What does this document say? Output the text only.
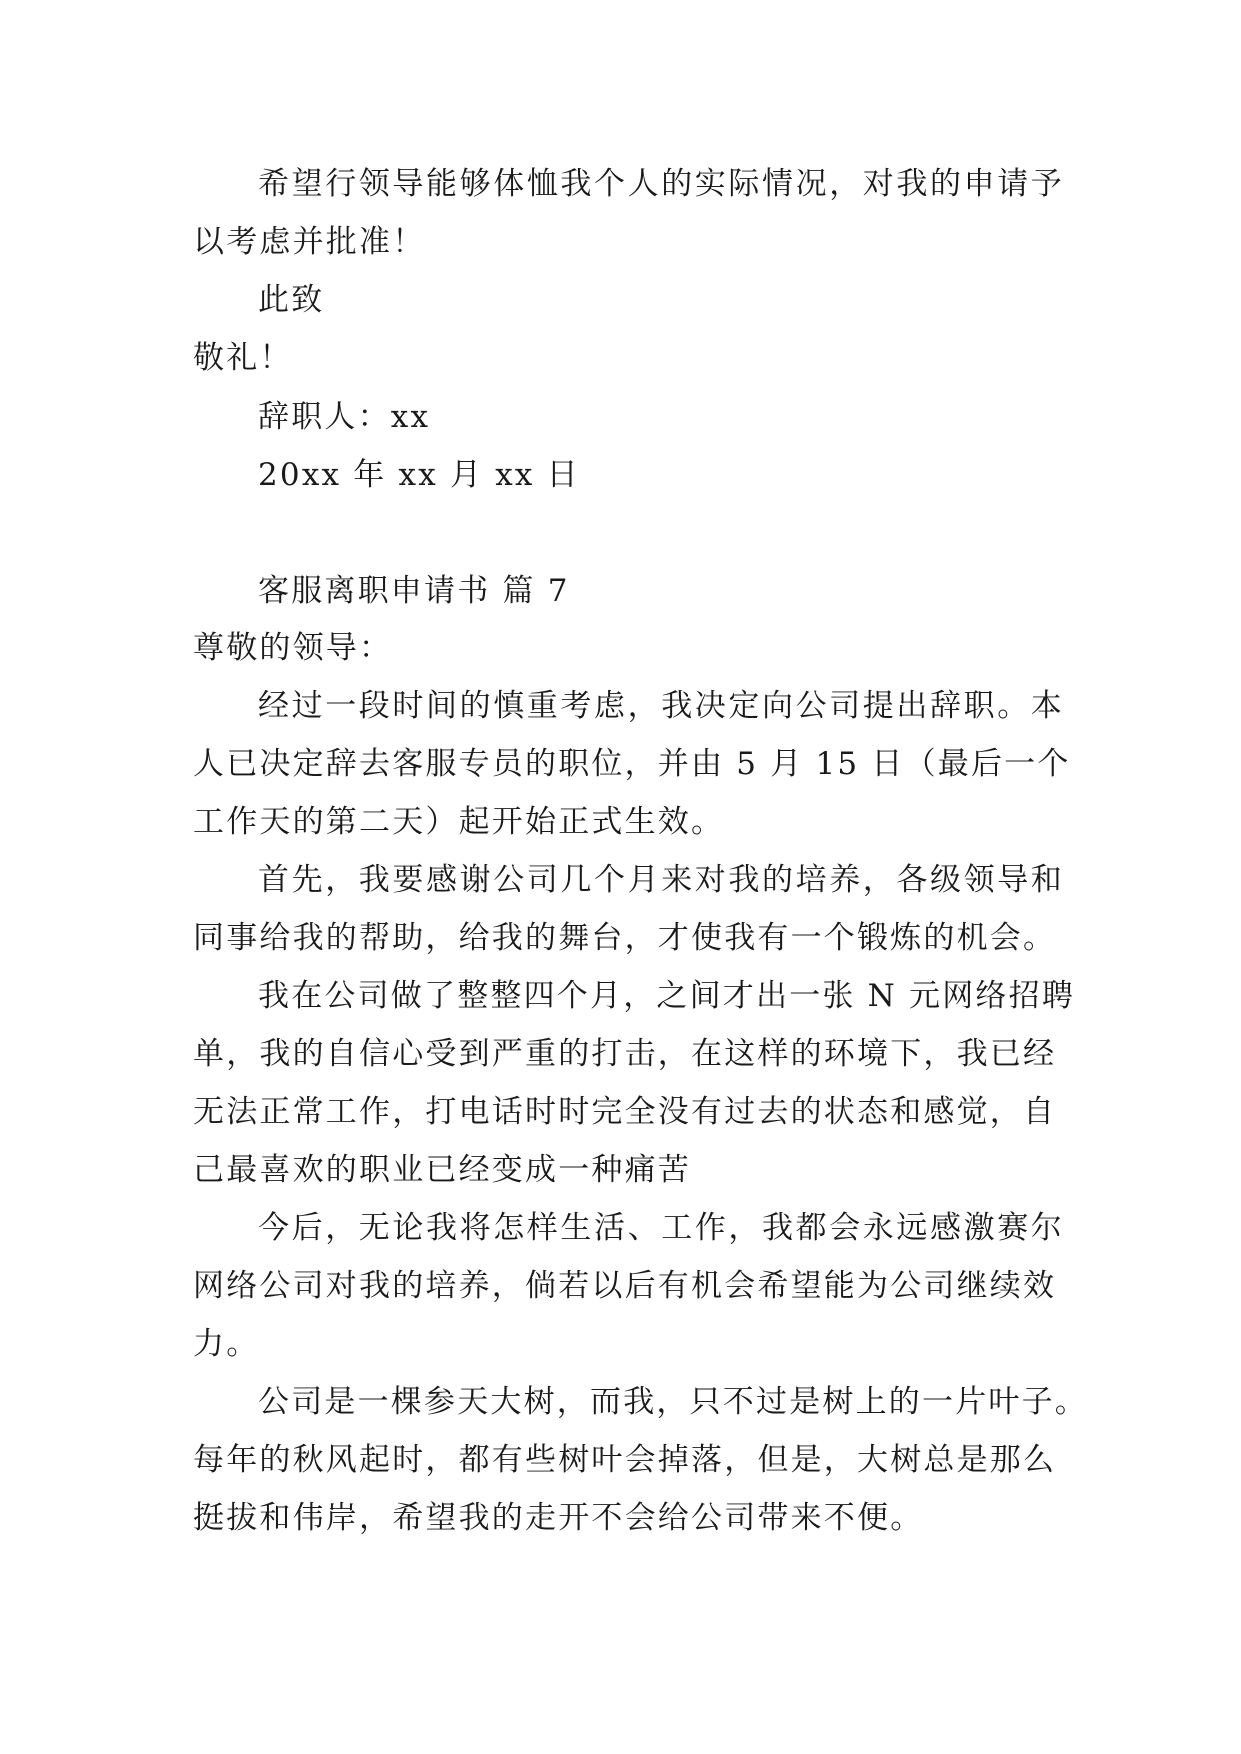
希望行领导能够体恤我个人的实际情况，对我的申请予
以考虑并批准！
此致
敬礼！
辞职人：xx
20xx 年 xx 月 xx 日
客服离职申请书 篇 7
尊敬的领导：
经过一段时间的慎重考虑，我决定向公司提出辞职。本
人已决定辞去客服专员的职位，并由 5 月 15 日（最后一个
工作天的第二天）起开始正式生效。
首先，我要感谢公司几个月来对我的培养，各级领导和
同事给我的帮助，给我的舞台，才使我有一个锻炼的机会。
我在公司做了整整四个月，之间才出一张 N 元网络招聘
单，我的自信心受到严重的打击，在这样的环境下，我已经
无法正常工作，打电话时时完全没有过去的状态和感觉，自
己最喜欢的职业已经变成一种痛苦
今后，无论我将怎样生活、工作，我都会永远感激赛尔
网络公司对我的培养，倘若以后有机会希望能为公司继续效
力。
公司是一棵参天大树，而我，只不过是树上的一片叶子。
每年的秋风起时，都有些树叶会掉落，但是，大树总是那么
挺拔和伟岸，希望我的走开不会给公司带来不便。
